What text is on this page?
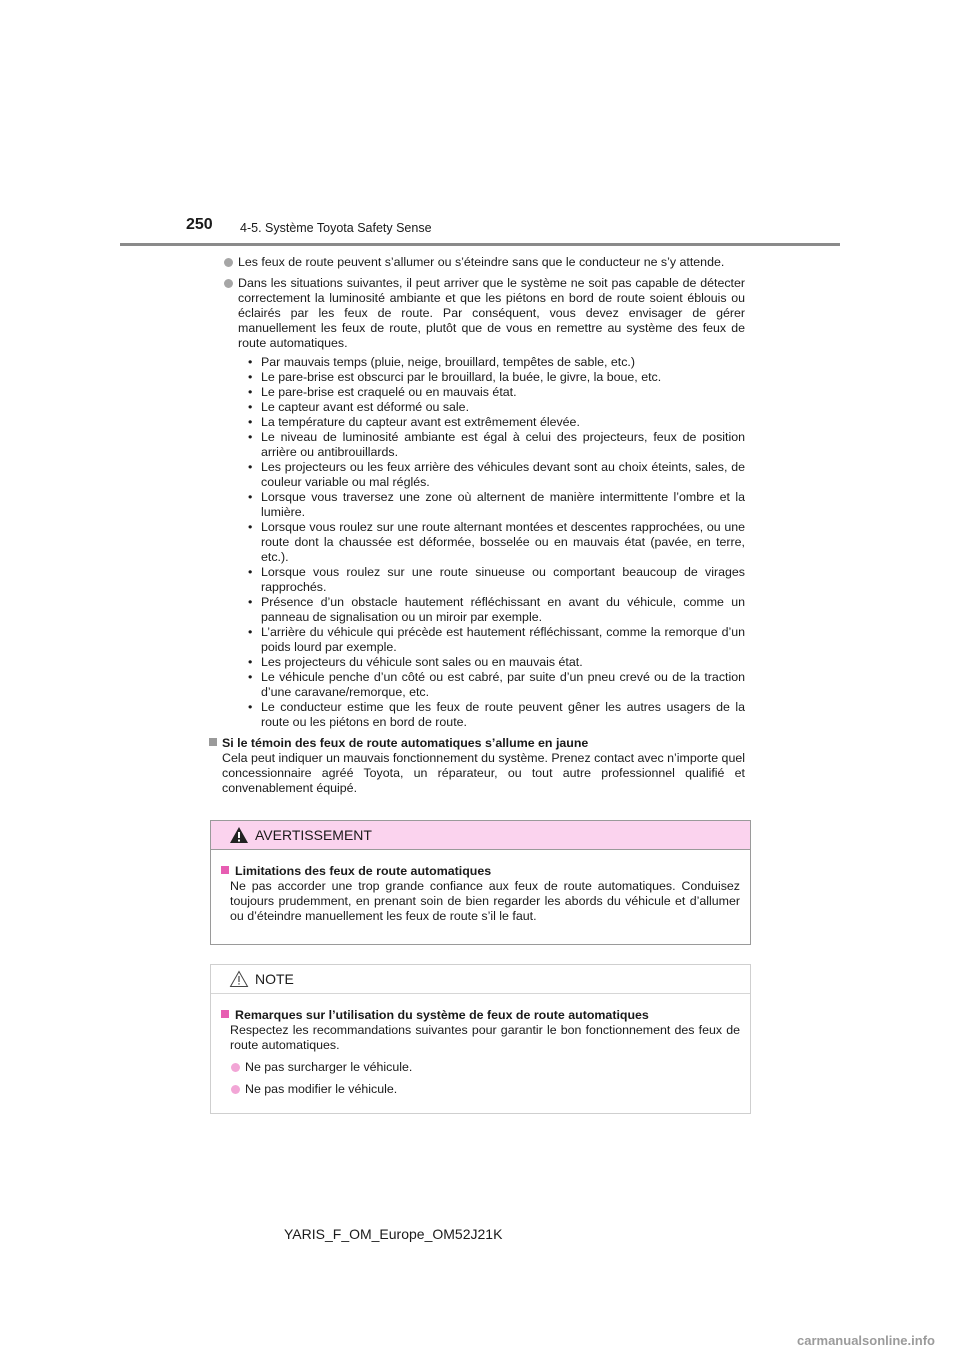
250 4-5. Système Toyota Safety Sense
Les feux de route peuvent s’allumer ou s’éteindre sans que le conducteur ne s’y attende.
Dans les situations suivantes, il peut arriver que le système ne soit pas capable de détecter correctement la luminosité ambiante et que les piétons en bord de route soient éblouis ou éclairés par les feux de route. Par conséquent, vous devez envisager de gérer manuellement les feux de route, plutôt que de vous en remettre au système des feux de route automatiques.
• Par mauvais temps (pluie, neige, brouillard, tempêtes de sable, etc.)
• Le pare-brise est obscurci par le brouillard, la buée, le givre, la boue, etc.
• Le pare-brise est craquelé ou en mauvais état.
• Le capteur avant est déformé ou sale.
• La température du capteur avant est extrêmement élevée.
• Le niveau de luminosité ambiante est égal à celui des projecteurs, feux de position arrière ou antibrouillards.
• Les projecteurs ou les feux arrière des véhicules devant sont au choix éteints, sales, de couleur variable ou mal réglés.
• Lorsque vous traversez une zone où alternent de manière intermittente l’ombre et la lumière.
• Lorsque vous roulez sur une route alternant montées et descentes rapprochées, ou une route dont la chaussée est déformée, bosselée ou en mauvais état (pavée, en terre, etc.).
• Lorsque vous roulez sur une route sinueuse ou comportant beaucoup de virages rapprochés.
• Présence d’un obstacle hautement réfléchissant en avant du véhicule, comme un panneau de signalisation ou un miroir par exemple.
• L’arrière du véhicule qui précède est hautement réfléchissant, comme la remorque d’un poids lourd par exemple.
• Les projecteurs du véhicule sont sales ou en mauvais état.
• Le véhicule penche d’un côté ou est cabré, par suite d’un pneu crevé ou de la traction d’une caravane/remorque, etc.
• Le conducteur estime que les feux de route peuvent gêner les autres usagers de la route ou les piétons en bord de route.
Si le témoin des feux de route automatiques s’allume en jaune
Cela peut indiquer un mauvais fonctionnement du système. Prenez contact avec n’importe quel concessionnaire agréé Toyota, un réparateur, ou tout autre professionnel qualifié et convenablement équipé.
AVERTISSEMENT
Limitations des feux de route automatiques
Ne pas accorder une trop grande confiance aux feux de route automatiques. Conduisez toujours prudemment, en prenant soin de bien regarder les abords du véhicule et d’allumer ou d’éteindre manuellement les feux de route s’il le faut.
NOTE
Remarques sur l’utilisation du système de feux de route automatiques
Respectez les recommandations suivantes pour garantir le bon fonctionnement des feux de route automatiques.
Ne pas surcharger le véhicule.
Ne pas modifier le véhicule.
YARIS_F_OM_Europe_OM52J21K
carmanualsonline.info
